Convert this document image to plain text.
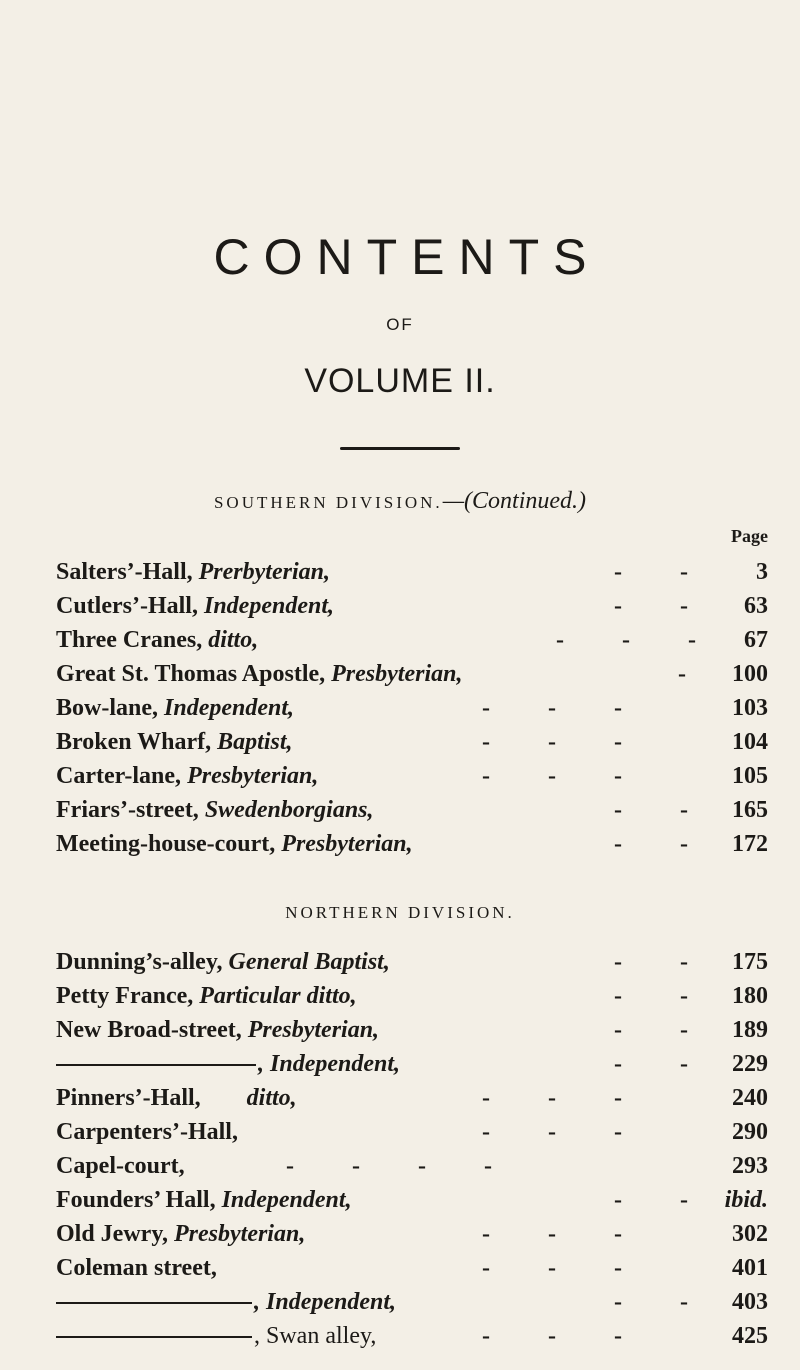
CONTENTS
OF
VOLUME II.
SOUTHERN DIVISION.—(Continued.)
Page
Salters’-Hall, Prerbyterian,	- -	3
Cutlers’-Hall, Independent,	- -	63
Three Cranes, ditto,	- - -	67
Great St. Thomas Apostle, Presbyterian,	-	100
Bow-lane, Independent,	- - -	103
Broken Wharf, Baptist,	- - -	104
Carter-lane, Presbyterian,	- - -	105
Friars’-street, Swedenborgians,	- -	165
Meeting-house-court, Presbyterian,	- -	172
NORTHERN DIVISION.
Dunning’s-alley, General Baptist,	- -	175
Petty France, Particular ditto,	- -	180
New Broad-street, Presbyterian,	- -	189
, Independent,	- -	229
Pinners’-Hall, ditto,	- - -	240
Carpenters’-Hall,	- - -	290
Capel-court,	- - - -	293
Founders’ Hall, Independent,	- -	ibid.
Old Jewry, Presbyterian,	- - -	302
Coleman street,	- - -	401
, Independent,	- -	403
, Swan alley,	- - -	425
